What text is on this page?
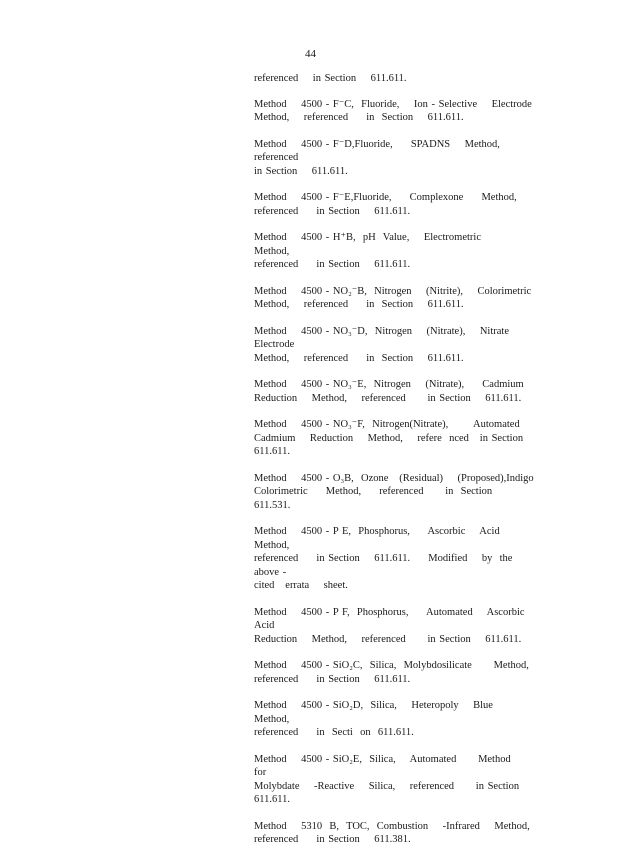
44

referenced    in Section    611.611.

Method    4500 - F⁻C,  Fluoride,    Ion - Selective    Electrode
Method,    referenced     in  Section    611.611.

Method    4500 - F⁻D,Fluoride,     SPADNS    Method,    referenced
in Section    611.611.

Method    4500 - F⁻E,Fluoride,     Complexone     Method,
referenced     in Section    611.611.

Method    4500 - H⁺B,  pH  Value,    Electrometric      Method,
referenced     in Section    611.611.

Method    4500 - NO₂⁻B,  Nitrogen    (Nitrite),    Colorimetric
Method,    referenced     in  Section    611.611.

Method    4500 - NO₃⁻D,  Nitrogen    (Nitrate),    Nitrate   Electrode
Method,    referenced     in  Section    611.611.

Method    4500 - NO₃⁻E,  Nitrogen    (Nitrate),     Cadmium
Reduction    Method,    referenced      in Section    611.611.

Method    4500 - NO₃⁻F,  Nitrogen(Nitrate),       Automated
Cadmium    Reduction    Method,    refere  nced   in Section
611.611.

Method    4500 - O₃B,  Ozone   (Residual)    (Proposed),Indigo
Colorimetric     Method,     referenced      in  Section    611.531.

Method    4500 - P E,  Phosphorus,     Ascorbic    Acid  Method,
referenced     in Section    611.611.     Modified    by  the  above -
cited   errata    sheet.

Method    4500 - P F,  Phosphorus,     Automated    Ascorbic    Acid
Reduction    Method,    referenced      in Section    611.611.

Method    4500 - SiO₂C,  Silica,  Molybdosilicate      Method,
referenced     in Section    611.611.

Method    4500 - SiO₂D,  Silica,    Heteropoly    Blue  Method,
referenced     in  Secti  on  611.611.

Method    4500 - SiO₂E,  Silica,    Automated      Method     for
Molybdate    -Reactive    Silica,    referenced      in Section    611.611.

Method    5310  B,  TOC,  Combustion    -Infrared    Method,
referenced     in Section    611.381.
